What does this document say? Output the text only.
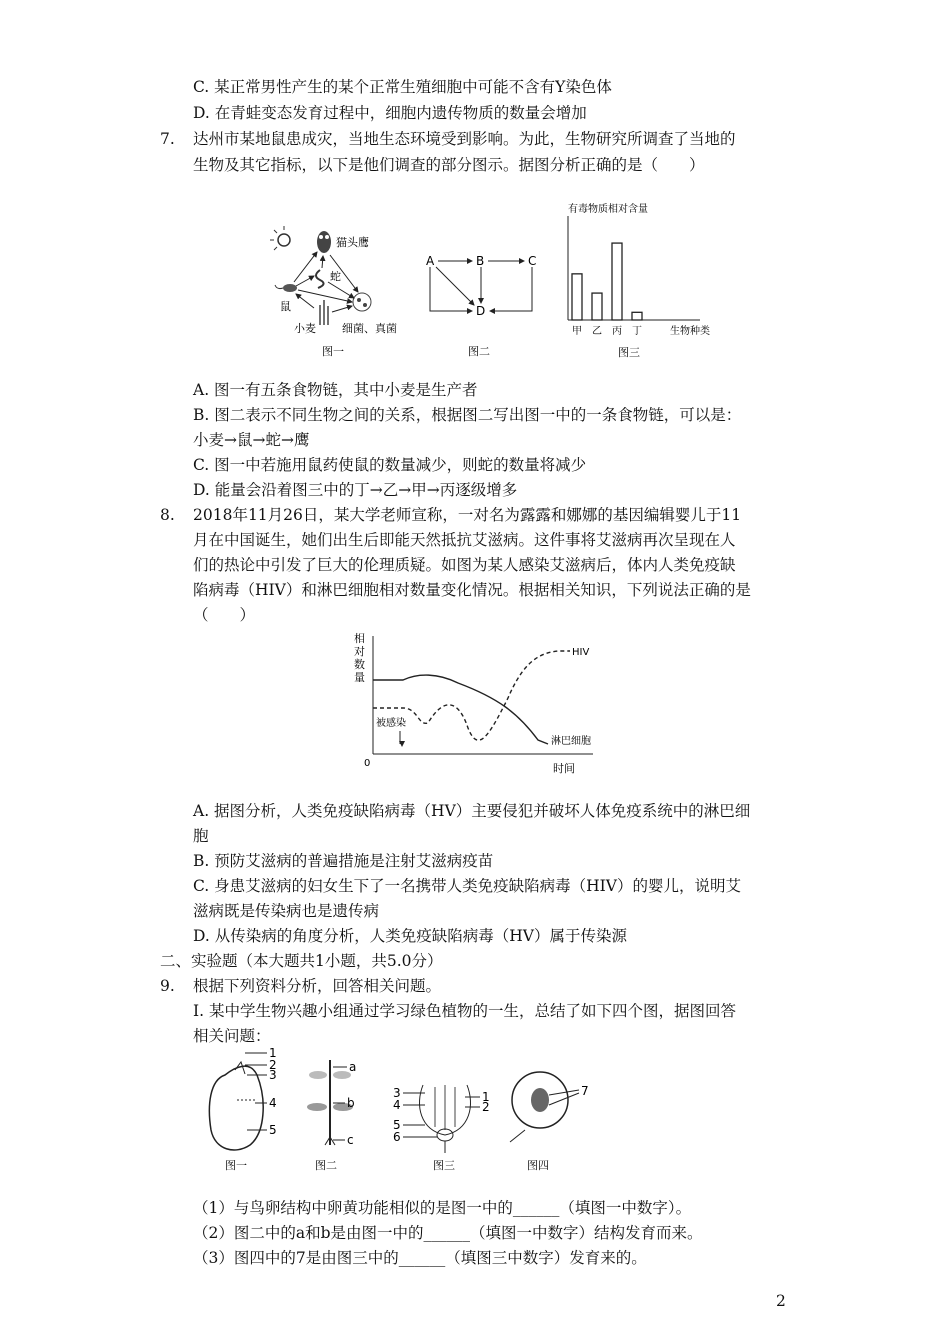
C. 某正常男性产生的某个正常生殖细胞中可能不含有Y染色体
D. 在青蛙变态发育过程中，细胞内遗传物质的数量会增加
7. 达州市某地鼠患成灾，当地生态环境受到影响。为此，生物研究所调查了当地的
生物及其它指标，以下是他们调查的部分图示。据图分析正确的是（　　）
猫头鹰
蛇
鼠
小麦 细菌、真菌
图一
A	B	C
D
图二
有毒物质相对含量
甲 乙 丙 丁	生物种类
图三
A. 图一有五条食物链，其中小麦是生产者
B. 图二表示不同生物之间的关系，根据图二写出图一中的一条食物链，可以是：
小麦→鼠→蛇→鹰
C. 图一中若施用鼠药使鼠的数量减少，则蛇的数量将减少
D. 能量会沿着图三中的丁→乙→甲→丙逐级增多
8. 2018年11月26日，某大学老师宣称，一对名为露露和娜娜的基因编辑婴儿于11
月在中国诞生，她们出生后即能天然抵抗艾滋病。这件事将艾滋病再次呈现在人
们的热论中引发了巨大的伦理质疑。如图为某人感染艾滋病后，体内人类免疫缺
陷病毒（HIV）和淋巴细胞相对数量变化情况。根据相关知识，下列说法正确的是
（　　）
相
对
数
量
0	时间
HIV
淋巴细胞
被感染
A. 据图分析，人类免疫缺陷病毒（HV）主要侵犯并破坏人体免疫系统中的淋巴细
胞
B. 预防艾滋病的普遍措施是注射艾滋病疫苗
C. 身患艾滋病的妇女生下了一名携带人类免疫缺陷病毒（HIV）的婴儿，说明艾
滋病既是传染病也是遗传病
D. 从传染病的角度分析，人类免疫缺陷病毒（HV）属于传染源
二、实验题（本大题共1小题，共5.0分）
9. 根据下列资料分析，回答相关问题。
Ⅰ. 某中学生物兴趣小组通过学习绿色植物的一生，总结了如下四个图，据图回答
相关问题：
1
2
3
4
5
图一
a
b
c
图二
3
4
5
6
1
2
图三
7
图四
（1）与鸟卵结构中卵黄功能相似的是图一中的______（填图一中数字）。
（2）图二中的a和b是由图一中的______（填图一中数字）结构发育而来。
（3）图四中的7是由图三中的______（填图三中数字）发育来的。
2
